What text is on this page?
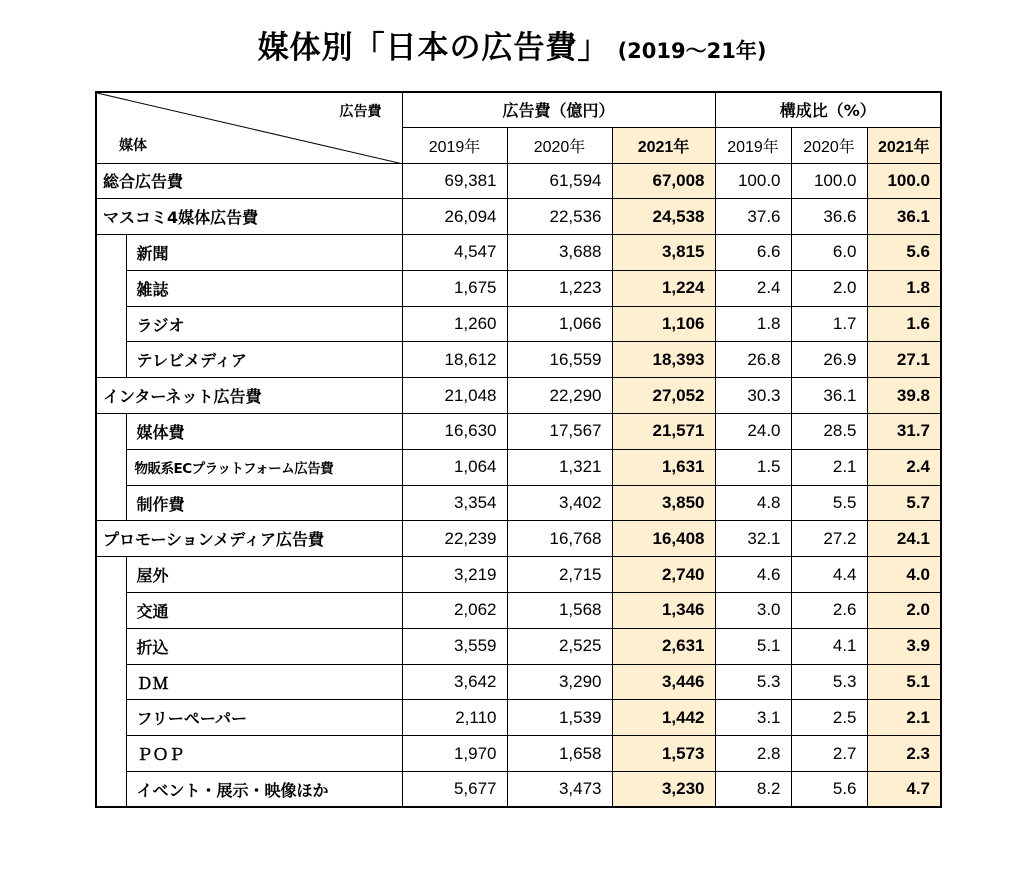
媒体別「日本の広告費」 (2019〜21年)
広告費
媒体		広告費（億円）			構成比（%）		
		2019年	2020年	2021年	2019年	2020年	2021年
総合広告費		69,381	61,594	67,008	100.0	100.0	100.0
マスコミ4媒体広告費		26,094	22,536	24,538	37.6	36.6	36.1
	新聞	4,547	3,688	3,815	6.6	6.0	5.6
	雑誌	1,675	1,223	1,224	2.4	2.0	1.8
	ラジオ	1,260	1,066	1,106	1.8	1.7	1.6
	テレビメディア	18,612	16,559	18,393	26.8	26.9	27.1
インターネット広告費		21,048	22,290	27,052	30.3	36.1	39.8
	媒体費	16,630	17,567	21,571	24.0	28.5	31.7
	物販系ECプラットフォーム広告費	1,064	1,321	1,631	1.5	2.1	2.4
	制作費	3,354	3,402	3,850	4.8	5.5	5.7
プロモーションメディア広告費		22,239	16,768	16,408	32.1	27.2	24.1
	屋外	3,219	2,715	2,740	4.6	4.4	4.0
	交通	2,062	1,568	1,346	3.0	2.6	2.0
	折込	3,559	2,525	2,631	5.1	4.1	3.9
	ＤＭ	3,642	3,290	3,446	5.3	5.3	5.1
	フリーペーパー	2,110	1,539	1,442	3.1	2.5	2.1
	ＰＯＰ	1,970	1,658	1,573	2.8	2.7	2.3
	イベント・展示・映像ほか	5,677	3,473	3,230	8.2	5.6	4.7
